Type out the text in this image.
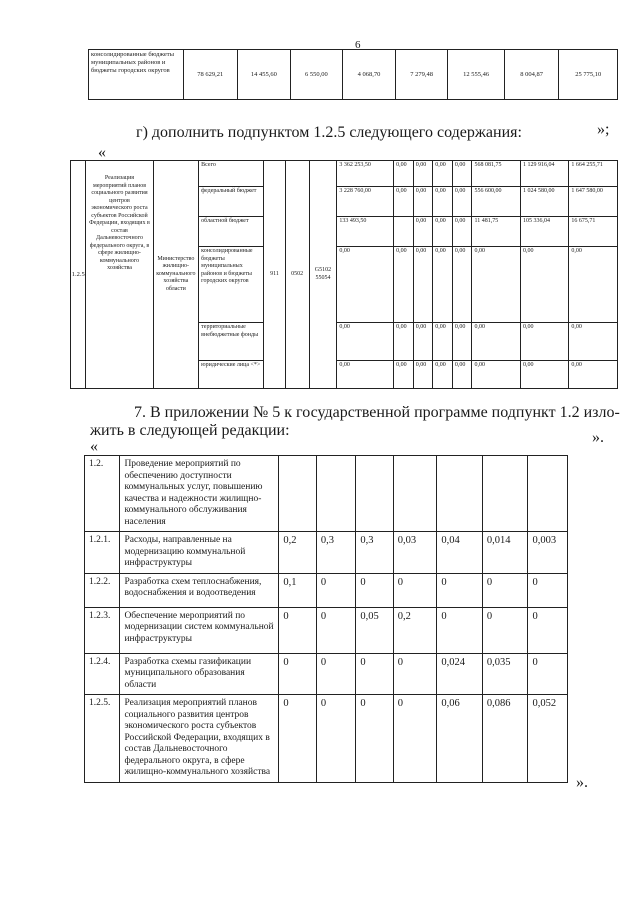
6
консолидированные бюджеты муниципальных районов и бюджеты городских округов	78 629,21	14 455,60	6 550,00	4 068,70	7 279,48	12 555,46	8 004,87	25 775,10
г) дополнить подпунктом 1.2.5 следующего содержания:	»;
«
1.2.5	Реализация мероприятий планов социального развития центров экономического роста субъектов Российской Федерации, входящих в состав Дальневосточного федерального округа, в сфере жилищно-коммунального хозяйства	Министерство жилищно-коммунального хозяйства области	Всего	911	0502	G5102 55054	3 362 253,50	0,00	0,00	0,00	0,00	568 081,75	1 129 916,04	1 664 255,71
			федеральный бюджет				3 228 760,00	0,00	0,00	0,00	0,00	556 600,00	1 024 580,00	1 647 580,00
			областной бюджет				133 493,50		0,00	0,00	0,00	11 481,75	105 336,04	16 675,71
			консолидированные бюджеты муниципальных районов и бюджеты городских округов				0,00	0,00	0,00	0,00	0,00	0,00	0,00	0,00
			территориальные внебюджетные фонды				0,00	0,00	0,00	0,00	0,00	0,00	0,00	0,00
			юридические лица <*>				0,00	0,00	0,00	0,00	0,00	0,00	0,00	0,00
».
7. В приложении № 5 к государственной программе подпункт 1.2 изло-
жить в следующей редакции:
«
1.2.	Проведение мероприятий по обеспечению доступности коммунальных услуг, повышению качества и надежности жилищно-коммунального обслуживания населения							
1.2.1.	Расходы, направленные на модернизацию коммунальной инфраструктуры	0,2	0,3	0,3	0,03	0,04	0,014	0,003
1.2.2.	Разработка схем теплоснабжения, водоснабжения и водоотведения	0,1	0	0	0	0	0	0
1.2.3.	Обеспечение мероприятий по модернизации систем коммунальной инфраструктуры	0	0	0,05	0,2	0	0	0
1.2.4.	Разработка схемы газификации муниципального образования области	0	0	0	0	0,024	0,035	0
1.2.5.	Реализация мероприятий планов социального развития центров экономического роста субъектов Российской Федерации, входящих в состав Дальневосточного федерального округа, в сфере жилищно-коммунального хозяйства	0	0	0	0	0,06	0,086	0,052
».
